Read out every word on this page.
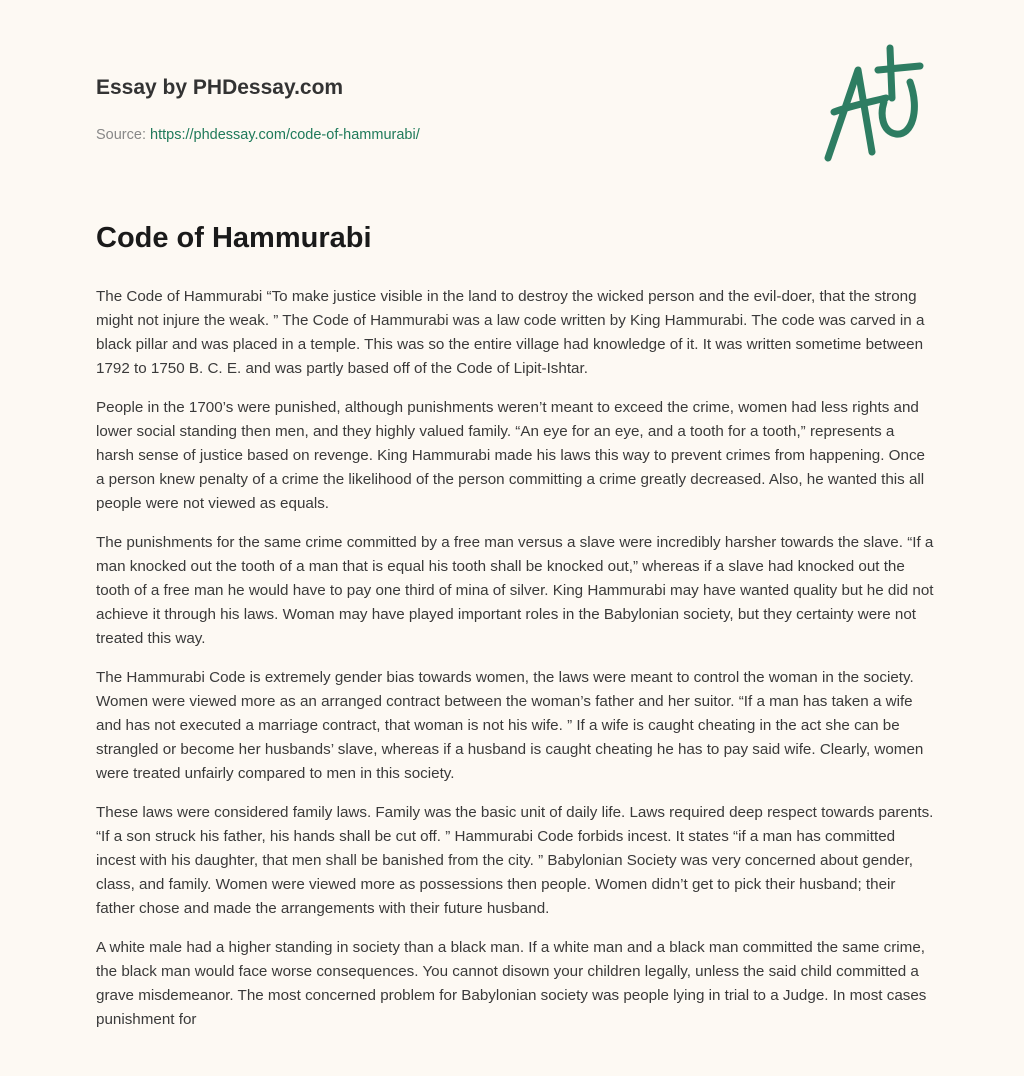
Essay by PHDessay.com

Source: https://phdessay.com/code-of-hammurabi/
Code of Hammurabi

The Code of Hammurabi “To make justice visible in the land to destroy the wicked person and the evil-doer, that the strong might not injure the weak. ” The Code of Hammurabi was a law code written by King Hammurabi. The code was carved in a black pillar and was placed in a temple. This was so the entire village had knowledge of it. It was written sometime between 1792 to 1750 B. C. E. and was partly based off of the Code of Lipit-Ishtar.

People in the 1700’s were punished, although punishments weren’t meant to exceed the crime, women had less rights and lower social standing then men, and they highly valued family. “An eye for an eye, and a tooth for a tooth,” represents a harsh sense of justice based on revenge. King Hammurabi made his laws this way to prevent crimes from happening. Once a person knew penalty of a crime the likelihood of the person committing a crime greatly decreased. Also, he wanted this all people were not viewed as equals.

The punishments for the same crime committed by a free man versus a slave were incredibly harsher towards the slave. “If a man knocked out the tooth of a man that is equal his tooth shall be knocked out,” whereas if a slave had knocked out the tooth of a free man he would have to pay one third of mina of silver. King Hammurabi may have wanted quality but he did not achieve it through his laws. Woman may have played important roles in the Babylonian society, but they certainty were not treated this way.

The Hammurabi Code is extremely gender bias towards women, the laws were meant to control the woman in the society. Women were viewed more as an arranged contract between the woman’s father and her suitor. “If a man has taken a wife and has not executed a marriage contract, that woman is not his wife. ” If a wife is caught cheating in the act she can be strangled or become her husbands’ slave, whereas if a husband is caught cheating he has to pay said wife. Clearly, women were treated unfairly compared to men in this society.

These laws were considered family laws. Family was the basic unit of daily life. Laws required deep respect towards parents. “If a son struck his father, his hands shall be cut off. ” Hammurabi Code forbids incest. It states “if a man has committed incest with his daughter, that men shall be banished from the city. ” Babylonian Society was very concerned about gender, class, and family. Women were viewed more as possessions then people. Women didn’t get to pick their husband; their father chose and made the arrangements with their future husband.

A white male had a higher standing in society than a black man. If a white man and a black man committed the same crime, the black man would face worse consequences. You cannot disown your children legally, unless the said child committed a grave misdemeanor. The most concerned problem for Babylonian society was people lying in trial to a Judge. In most cases punishment for
